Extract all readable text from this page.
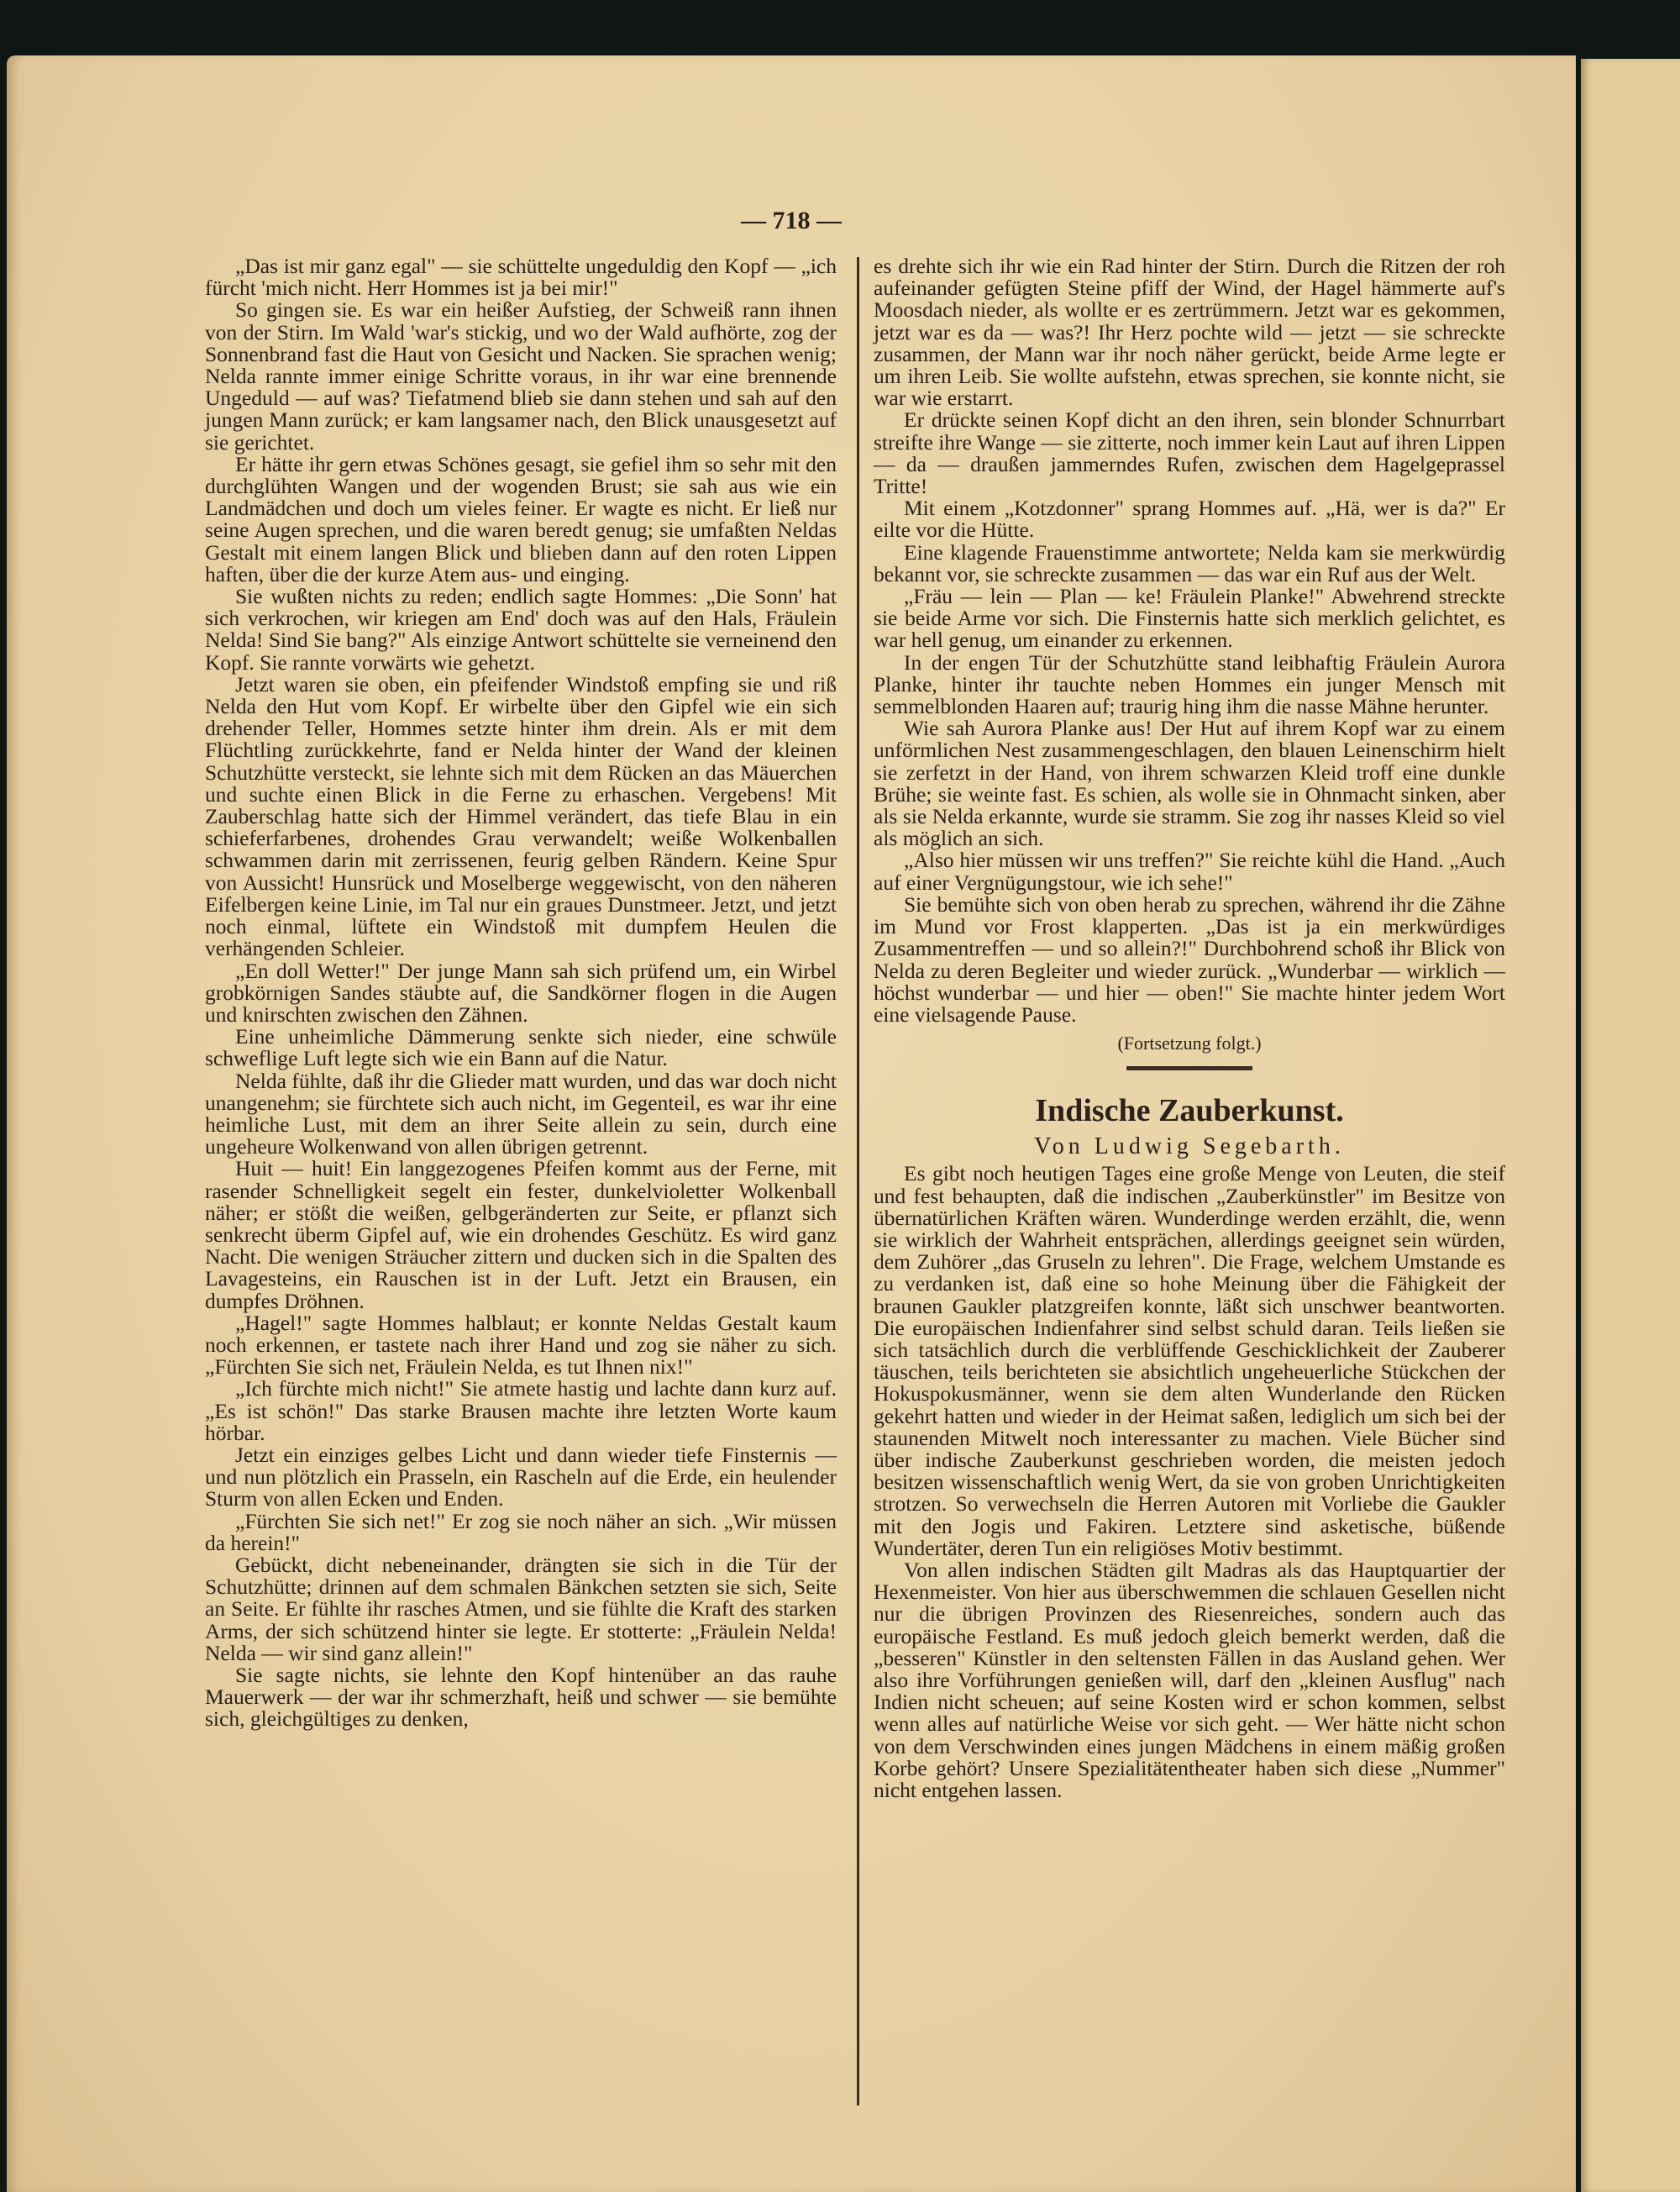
— 718 —

„Das ist mir ganz egal" — sie schüttelte ungeduldig den Kopf — „ich fürcht 'mich nicht. Herr Hommes ist ja bei mir!"

So gingen sie. Es war ein heißer Aufstieg, der Schweiß rann ihnen von der Stirn. Im Wald 'war's stickig, und wo der Wald aufhörte, zog der Sonnenbrand fast die Haut von Gesicht und Nacken. Sie sprachen wenig; Nelda rannte immer einige Schritte voraus, in ihr war eine brennende Ungeduld — auf was? Tiefatmend blieb sie dann stehen und sah auf den jungen Mann zurück; er kam langsamer nach, den Blick unausgesetzt auf sie gerichtet.

Er hätte ihr gern etwas Schönes gesagt, sie gefiel ihm so sehr mit den durchglühten Wangen und der wogenden Brust; sie sah aus wie ein Landmädchen und doch um vieles feiner. Er wagte es nicht. Er ließ nur seine Augen sprechen, und die waren beredt genug; sie umfaßten Neldas Gestalt mit einem langen Blick und blieben dann auf den roten Lippen haften, über die der kurze Atem aus- und einging.

Sie wußten nichts zu reden; endlich sagte Hommes: „Die Sonn' hat sich verkrochen, wir kriegen am End' doch was auf den Hals, Fräulein Nelda! Sind Sie bang?" Als einzige Antwort schüttelte sie verneinend den Kopf. Sie rannte vorwärts wie gehetzt.

Jetzt waren sie oben, ein pfeifender Windstoß empfing sie und riß Nelda den Hut vom Kopf. Er wirbelte über den Gipfel wie ein sich drehender Teller, Hommes setzte hinter ihm drein. Als er mit dem Flüchtling zurückkehrte, fand er Nelda hinter der Wand der kleinen Schutzhütte versteckt, sie lehnte sich mit dem Rücken an das Mäuerchen und suchte einen Blick in die Ferne zu erhaschen. Vergebens! Mit Zauberschlag hatte sich der Himmel verändert, das tiefe Blau in ein schieferfarbenes, drohendes Grau verwandelt; weiße Wolkenballen schwammen darin mit zerrissenen, feurig gelben Rändern. Keine Spur von Aussicht! Hunsrück und Moselberge weggewischt, von den näheren Eifelbergen keine Linie, im Tal nur ein graues Dunstmeer. Jetzt, und jetzt noch einmal, lüftete ein Windstoß mit dumpfem Heulen die verhängenden Schleier.

„En doll Wetter!" Der junge Mann sah sich prüfend um, ein Wirbel grobkörnigen Sandes stäubte auf, die Sandkörner flogen in die Augen und knirschten zwischen den Zähnen.

Eine unheimliche Dämmerung senkte sich nieder, eine schwüle schweflige Luft legte sich wie ein Bann auf die Natur.

Nelda fühlte, daß ihr die Glieder matt wurden, und das war doch nicht unangenehm; sie fürchtete sich auch nicht, im Gegenteil, es war ihr eine heimliche Lust, mit dem an ihrer Seite allein zu sein, durch eine ungeheure Wolkenwand von allen übrigen getrennt.

Huit — huit! Ein langgezogenes Pfeifen kommt aus der Ferne, mit rasender Schnelligkeit segelt ein fester, dunkelvioletter Wolkenball näher; er stößt die weißen, gelbgeränderten zur Seite, er pflanzt sich senkrecht überm Gipfel auf, wie ein drohendes Geschütz. Es wird ganz Nacht. Die wenigen Sträucher zittern und ducken sich in die Spalten des Lavagesteins, ein Rauschen ist in der Luft. Jetzt ein Brausen, ein dumpfes Dröhnen.

„Hagel!" sagte Hommes halblaut; er konnte Neldas Gestalt kaum noch erkennen, er tastete nach ihrer Hand und zog sie näher zu sich. „Fürchten Sie sich net, Fräulein Nelda, es tut Ihnen nix!"

„Ich fürchte mich nicht!" Sie atmete hastig und lachte dann kurz auf. „Es ist schön!" Das starke Brausen machte ihre letzten Worte kaum hörbar.

Jetzt ein einziges gelbes Licht und dann wieder tiefe Finsternis — und nun plötzlich ein Prasseln, ein Rascheln auf die Erde, ein heulender Sturm von allen Ecken und Enden.

„Fürchten Sie sich net!" Er zog sie noch näher an sich. „Wir müssen da herein!"

Gebückt, dicht nebeneinander, drängten sie sich in die Tür der Schutzhütte; drinnen auf dem schmalen Bänkchen setzten sie sich, Seite an Seite. Er fühlte ihr rasches Atmen, und sie fühlte die Kraft des starken Arms, der sich schützend hinter sie legte. Er stotterte: „Fräulein Nelda! Nelda — wir sind ganz allein!"

Sie sagte nichts, sie lehnte den Kopf hintenüber an das rauhe Mauerwerk — der war ihr schmerzhaft, heiß und schwer — sie bemühte sich, gleichgültiges zu denken,

es drehte sich ihr wie ein Rad hinter der Stirn. Durch die Ritzen der roh aufeinander gefügten Steine pfiff der Wind, der Hagel hämmerte auf's Moosdach nieder, als wollte er es zertrümmern. Jetzt war es gekommen, jetzt war es da — was?! Ihr Herz pochte wild — jetzt — sie schreckte zusammen, der Mann war ihr noch näher gerückt, beide Arme legte er um ihren Leib. Sie wollte aufstehn, etwas sprechen, sie konnte nicht, sie war wie erstarrt.

Er drückte seinen Kopf dicht an den ihren, sein blonder Schnurrbart streifte ihre Wange — sie zitterte, noch immer kein Laut auf ihren Lippen — da — draußen jammerndes Rufen, zwischen dem Hagelgeprassel Tritte!

Mit einem „Kotzdonner" sprang Hommes auf. „Hä, wer is da?" Er eilte vor die Hütte.

Eine klagende Frauenstimme antwortete; Nelda kam sie merkwürdig bekannt vor, sie schreckte zusammen — das war ein Ruf aus der Welt.

„Fräu — lein — Plan — ke! Fräulein Planke!" Abwehrend streckte sie beide Arme vor sich. Die Finsternis hatte sich merklich gelichtet, es war hell genug, um einander zu erkennen.

In der engen Tür der Schutzhütte stand leibhaftig Fräulein Aurora Planke, hinter ihr tauchte neben Hommes ein junger Mensch mit semmelblonden Haaren auf; traurig hing ihm die nasse Mähne herunter.

Wie sah Aurora Planke aus! Der Hut auf ihrem Kopf war zu einem unförmlichen Nest zusammengeschlagen, den blauen Leinenschirm hielt sie zerfetzt in der Hand, von ihrem schwarzen Kleid troff eine dunkle Brühe; sie weinte fast. Es schien, als wolle sie in Ohnmacht sinken, aber als sie Nelda erkannte, wurde sie stramm. Sie zog ihr nasses Kleid so viel als möglich an sich.

„Also hier müssen wir uns treffen?" Sie reichte kühl die Hand. „Auch auf einer Vergnügungstour, wie ich sehe!"

Sie bemühte sich von oben herab zu sprechen, während ihr die Zähne im Mund vor Frost klapperten. „Das ist ja ein merkwürdiges Zusammentreffen — und so allein?!" Durchbohrend schoß ihr Blick von Nelda zu deren Begleiter und wieder zurück. „Wunderbar — wirklich — höchst wunderbar — und hier — oben!" Sie machte hinter jedem Wort eine vielsagende Pause.

(Fortsetzung folgt.)

Indische Zauberkunst.
Von Ludwig Segebarth.

Es gibt noch heutigen Tages eine große Menge von Leuten, die steif und fest behaupten, daß die indischen „Zauberkünstler" im Besitze von übernatürlichen Kräften wären. Wunderdinge werden erzählt, die, wenn sie wirklich der Wahrheit entsprächen, allerdings geeignet sein würden, dem Zuhörer „das Gruseln zu lehren". Die Frage, welchem Umstande es zu verdanken ist, daß eine so hohe Meinung über die Fähigkeit der braunen Gaukler platzgreifen konnte, läßt sich unschwer beantworten. Die europäischen Indienfahrer sind selbst schuld daran. Teils ließen sie sich tatsächlich durch die verblüffende Geschicklichkeit der Zauberer täuschen, teils berichteten sie absichtlich ungeheuerliche Stückchen der Hokuspokusmänner, wenn sie dem alten Wunderlande den Rücken gekehrt hatten und wieder in der Heimat saßen, lediglich um sich bei der staunenden Mitwelt noch interessanter zu machen. Viele Bücher sind über indische Zauberkunst geschrieben worden, die meisten jedoch besitzen wissenschaftlich wenig Wert, da sie von groben Unrichtigkeiten strotzen. So verwechseln die Herren Autoren mit Vorliebe die Gaukler mit den Jogis und Fakiren. Letztere sind asketische, büßende Wundertäter, deren Tun ein religiöses Motiv bestimmt.

Von allen indischen Städten gilt Madras als das Hauptquartier der Hexenmeister. Von hier aus überschwemmen die schlauen Gesellen nicht nur die übrigen Provinzen des Riesenreiches, sondern auch das europäische Festland. Es muß jedoch gleich bemerkt werden, daß die „besseren" Künstler in den seltensten Fällen in das Ausland gehen. Wer also ihre Vorführungen genießen will, darf den „kleinen Ausflug" nach Indien nicht scheuen; auf seine Kosten wird er schon kommen, selbst wenn alles auf natürliche Weise vor sich geht. — Wer hätte nicht schon von dem Verschwinden eines jungen Mädchens in einem mäßig großen Korbe gehört? Unsere Spezialitätentheater haben sich diese „Nummer" nicht entgehen lassen.
